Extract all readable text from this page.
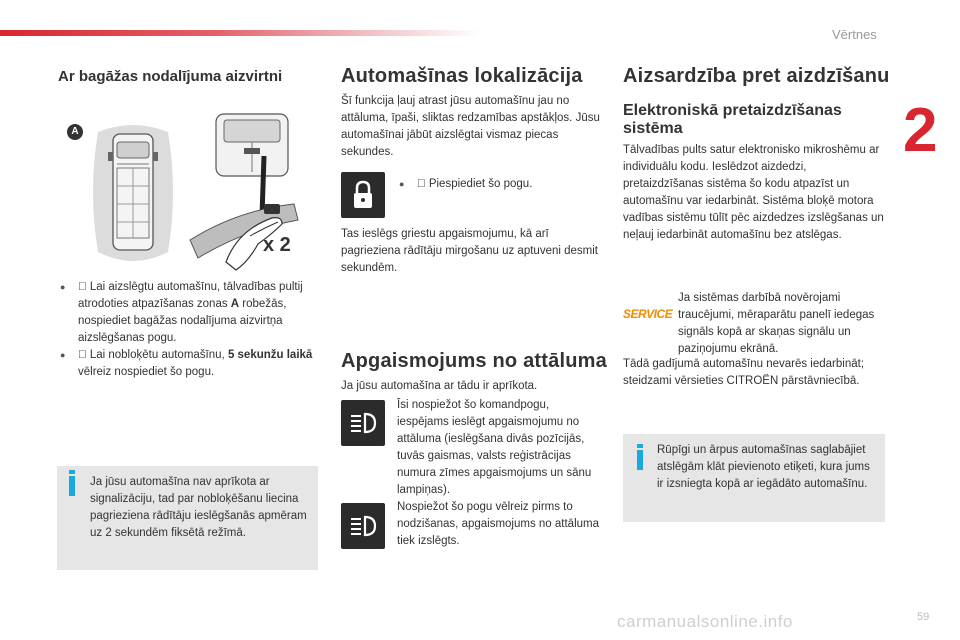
Vērtnes
2
Ar bagāžas nodalījuma aizvirtni
A
x 2

● Lai aizslēgtu automašīnu, tālvadības pultij atrodoties atpazīšanas zonas A robežās, nospiediet bagāžas nodalījuma aizvirtņa aizslēgšanas pogu.

● Lai nobloķētu automašīnu, 5 sekunžu laikā vēlreiz nospiediet šo pogu.

Ja jūsu automašīna nav aprīkota ar signalizāciju, tad par nobloķēšanu liecina pagrieziena rādītāju ieslēgšanās apmēram uz 2 sekundēm fiksētā režīmā.

Automašīnas lokalizācija

Šī funkcija ļauj atrast jūsu automašīnu jau no attāluma, īpaši, sliktas redzamības apstākļos. Jūsu automašīnai jābūt aizslēgtai vismaz piecas sekundes.

● Piespiediet šo pogu.

Tas ieslēgs griestu apgaismojumu, kā arī pagrieziena rādītāju mirgošanu uz aptuveni desmit sekundēm.

Apgaismojums no attāluma

Ja jūsu automašīna ar tādu ir aprīkota.

Īsi nospiežot šo komandpogu, iespējams ieslēgt apgaismojumu no attāluma (ieslēgšana divās pozīcijās, tuvās gaismas, valsts reģistrācijas numura zīmes apgaismojums un sānu lampiņas).

Nospiežot šo pogu vēlreiz pirms to nodzišanas, apgaismojums no attāluma tiek izslēgts.

Aizsardzība pret aizdzīšanu
Elektroniskā pretaizdzīšanas sistēma

Tālvadības pults satur elektronisko mikroshēmu ar individuālu kodu. Ieslēdzot aizdedzi, pretaizdzīšanas sistēma šo kodu atpazīst un automašīnu var iedarbināt. Sistēma bloķē motora vadības sistēmu tūlīt pēc aizdedzes izslēgšanas un neļauj iedarbināt automašīnu bez atslēgas.

SERVICE

Ja sistēmas darbībā novērojami traucējumi, mēraparātu panelī iedegas signāls kopā ar skaņas signālu un paziņojumu ekrānā.

Tādā gadījumā automašīnu nevarēs iedarbināt; steidzami vērsieties CITROËN pārstāvniecībā.

Rūpīgi un ārpus automašīnas saglabājiet atslēgām klāt pievienoto etiķeti, kura jums ir izsniegta kopā ar iegādāto automašīnu.

carmanualsonline.info	59
